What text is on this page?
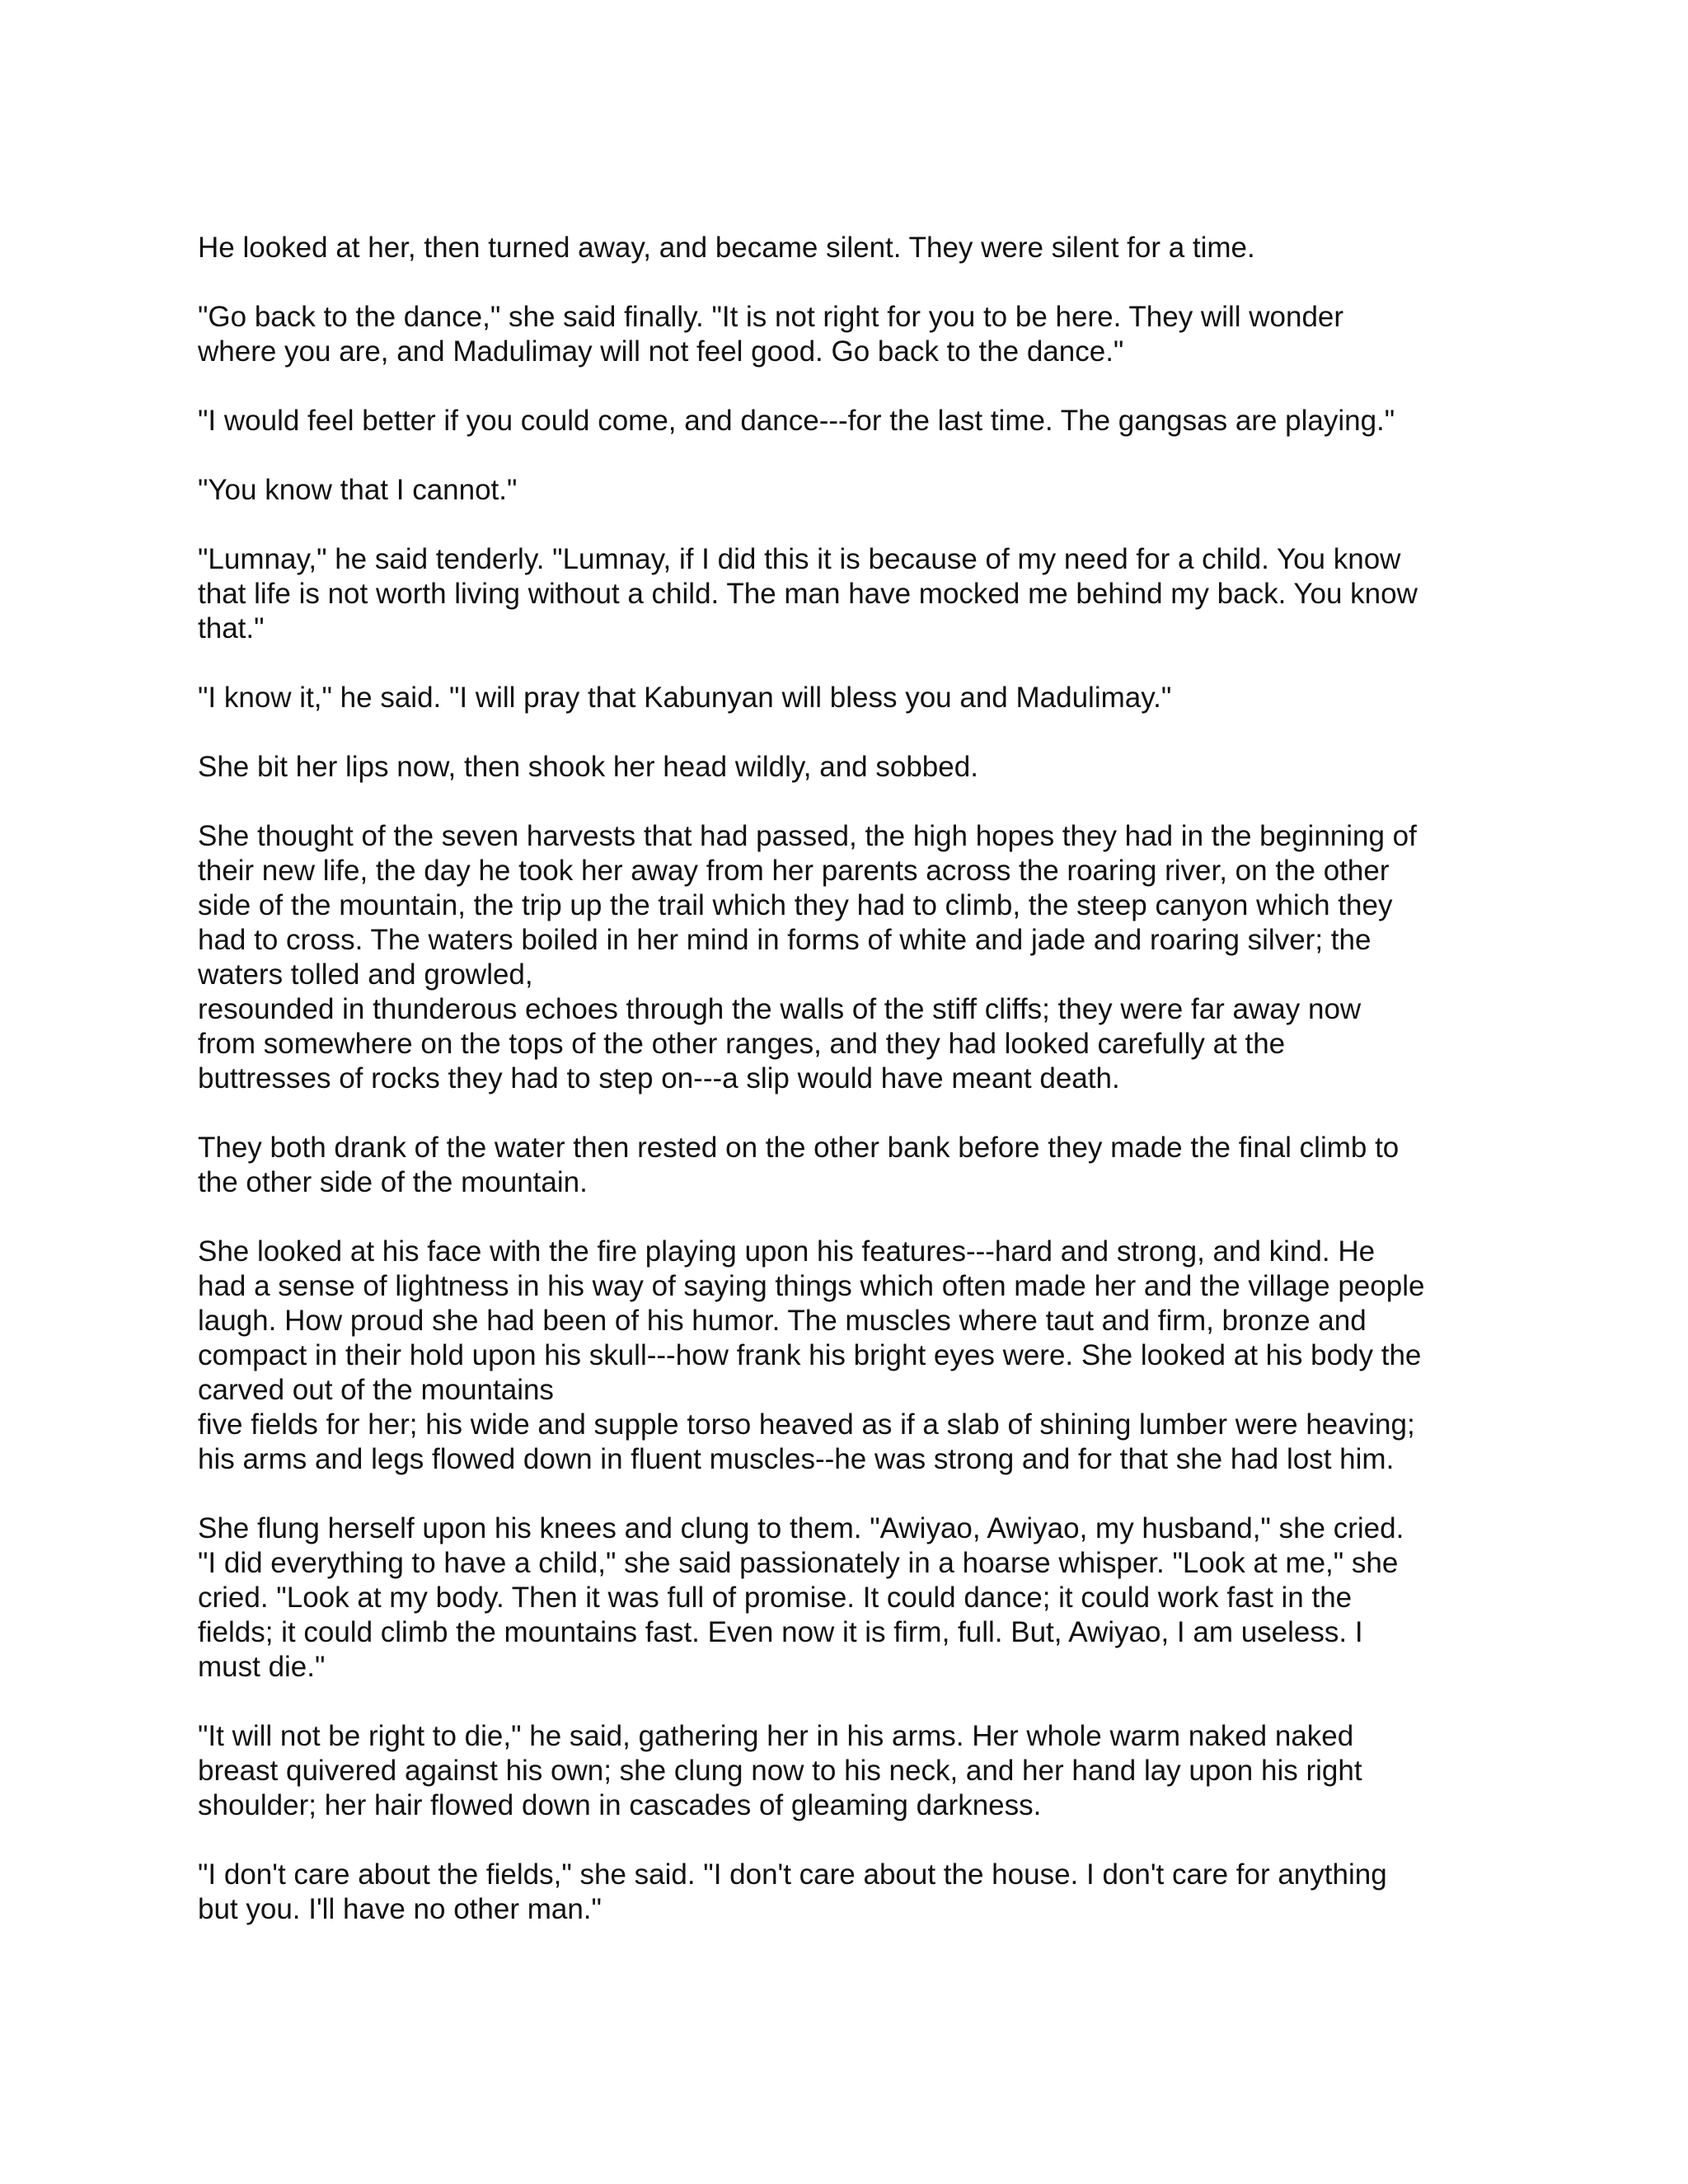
He looked at her, then turned away, and became silent. They were silent for a time.

"Go back to the dance," she said finally. "It is not right for you to be here. They will wonder
where you are, and Madulimay will not feel good. Go back to the dance."

"I would feel better if you could come, and dance---for the last time. The gangsas are playing."

"You know that I cannot."

"Lumnay," he said tenderly. "Lumnay, if I did this it is because of my need for a child. You know
that life is not worth living without a child. The man have mocked me behind my back. You know
that."

"I know it," he said. "I will pray that Kabunyan will bless you and Madulimay."

She bit her lips now, then shook her head wildly, and sobbed.

She thought of the seven harvests that had passed, the high hopes they had in the beginning of
their new life, the day he took her away from her parents across the roaring river, on the other
side of the mountain, the trip up the trail which they had to climb, the steep canyon which they
had to cross. The waters boiled in her mind in forms of white and jade and roaring silver; the
waters tolled and growled,
resounded in thunderous echoes through the walls of the stiff cliffs; they were far away now
from somewhere on the tops of the other ranges, and they had looked carefully at the
buttresses of rocks they had to step on---a slip would have meant death.

They both drank of the water then rested on the other bank before they made the final climb to
the other side of the mountain.

She looked at his face with the fire playing upon his features---hard and strong, and kind. He
had a sense of lightness in his way of saying things which often made her and the village people
laugh. How proud she had been of his humor. The muscles where taut and firm, bronze and
compact in their hold upon his skull---how frank his bright eyes were. She looked at his body the
carved out of the mountains
five fields for her; his wide and supple torso heaved as if a slab of shining lumber were heaving;
his arms and legs flowed down in fluent muscles--he was strong and for that she had lost him.

She flung herself upon his knees and clung to them. "Awiyao, Awiyao, my husband," she cried.
"I did everything to have a child," she said passionately in a hoarse whisper. "Look at me," she
cried. "Look at my body. Then it was full of promise. It could dance; it could work fast in the
fields; it could climb the mountains fast. Even now it is firm, full. But, Awiyao, I am useless. I
must die."

"It will not be right to die," he said, gathering her in his arms. Her whole warm naked naked
breast quivered against his own; she clung now to his neck, and her hand lay upon his right
shoulder; her hair flowed down in cascades of gleaming darkness.

"I don't care about the fields," she said. "I don't care about the house. I don't care for anything
but you. I'll have no other man."
